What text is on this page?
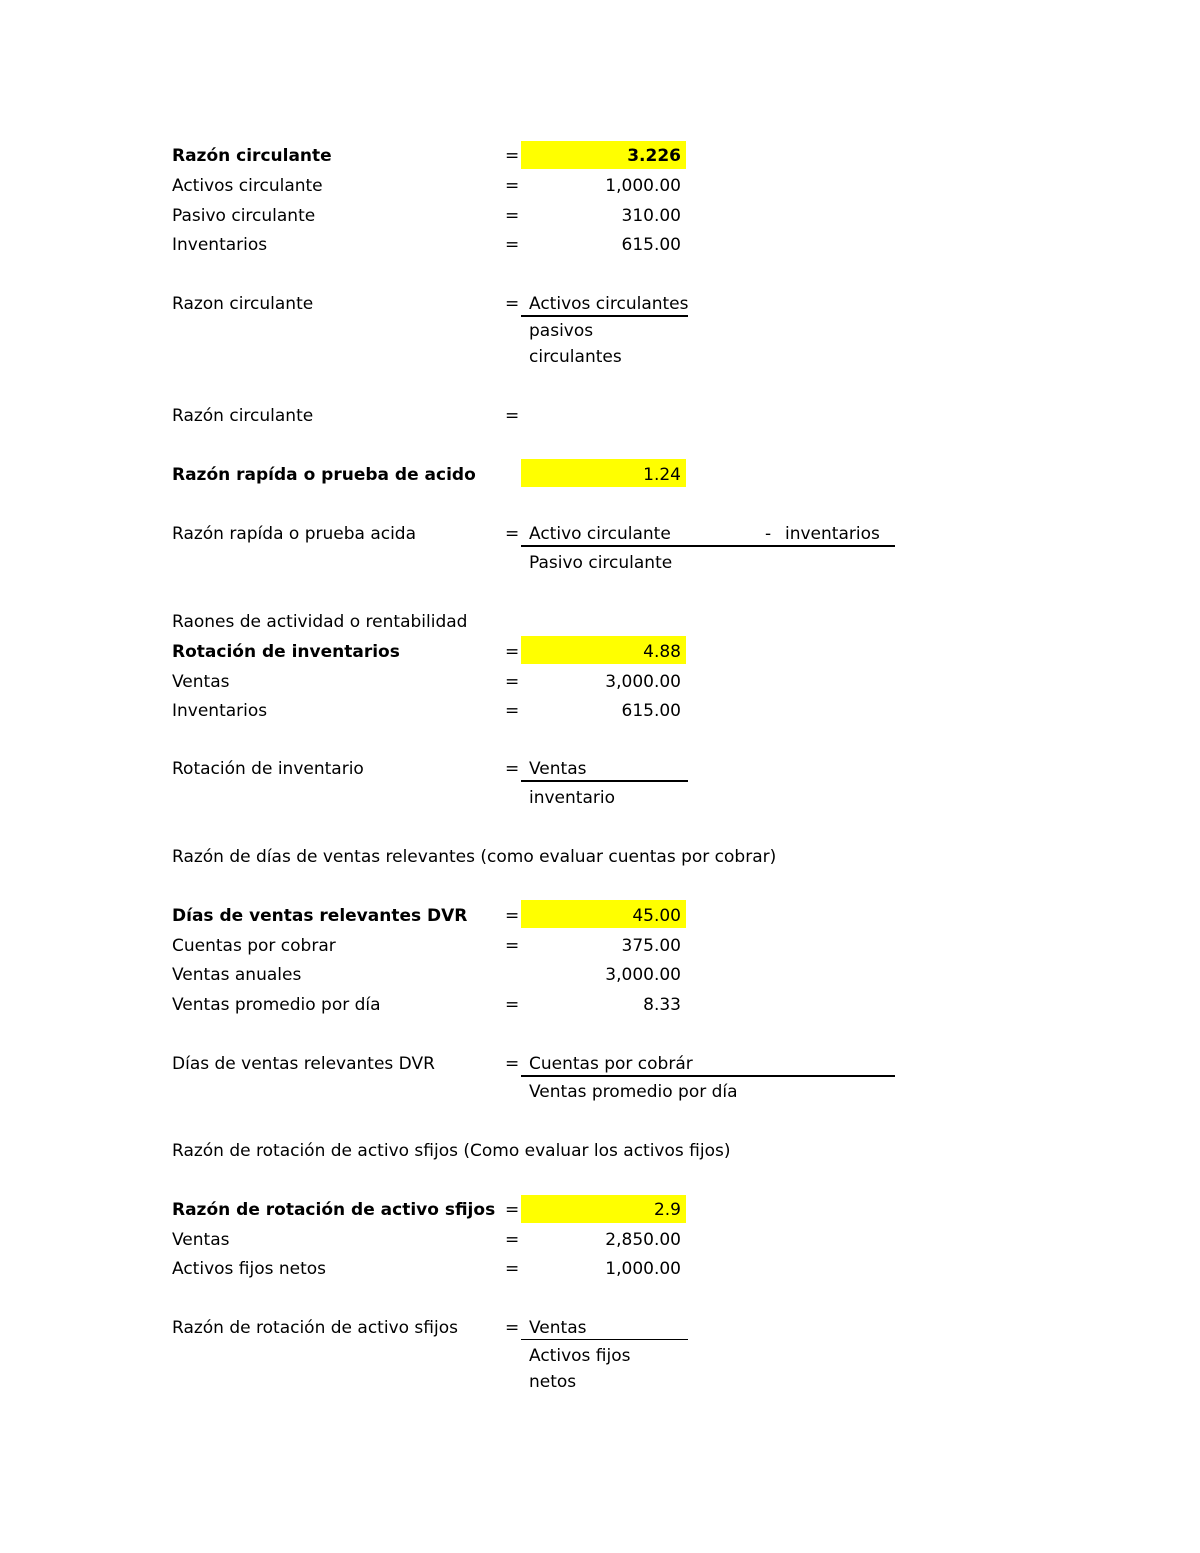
Razón circulante	=	3.226
Activos circulante	=	1,000.00
Pasivo circulante	=	310.00
Inventarios	=	615.00
Razon circulante	= Activos circulantes
pasivos
circulantes
Razón circulante	=
Razón rapída o prueba de acido	1.24
Razón rapída o prueba acida	= Activo circulante	- inventarios
Pasivo circulante
Raones de actividad o rentabilidad
Rotación de inventarios	=	4.88
Ventas	=	3,000.00
Inventarios	=	615.00
Rotación de inventario	= Ventas
inventario
Razón de días de ventas relevantes (como evaluar cuentas por cobrar)
Días de ventas relevantes DVR =	45.00
Cuentas por cobrar	=	375.00
Ventas anuales	3,000.00
Ventas promedio por día	=	8.33
Días de ventas relevantes DVR	= Cuentas por cobrár
Ventas promedio por día
Razón de rotación de activo sfijos (Como evaluar los activos fijos)
Razón de rotación de activo sfijos =	2.9
Ventas	=	2,850.00
Activos fijos netos	=	1,000.00
Razón de rotación de activo sfijos	= Ventas
Activos fijos
netos
